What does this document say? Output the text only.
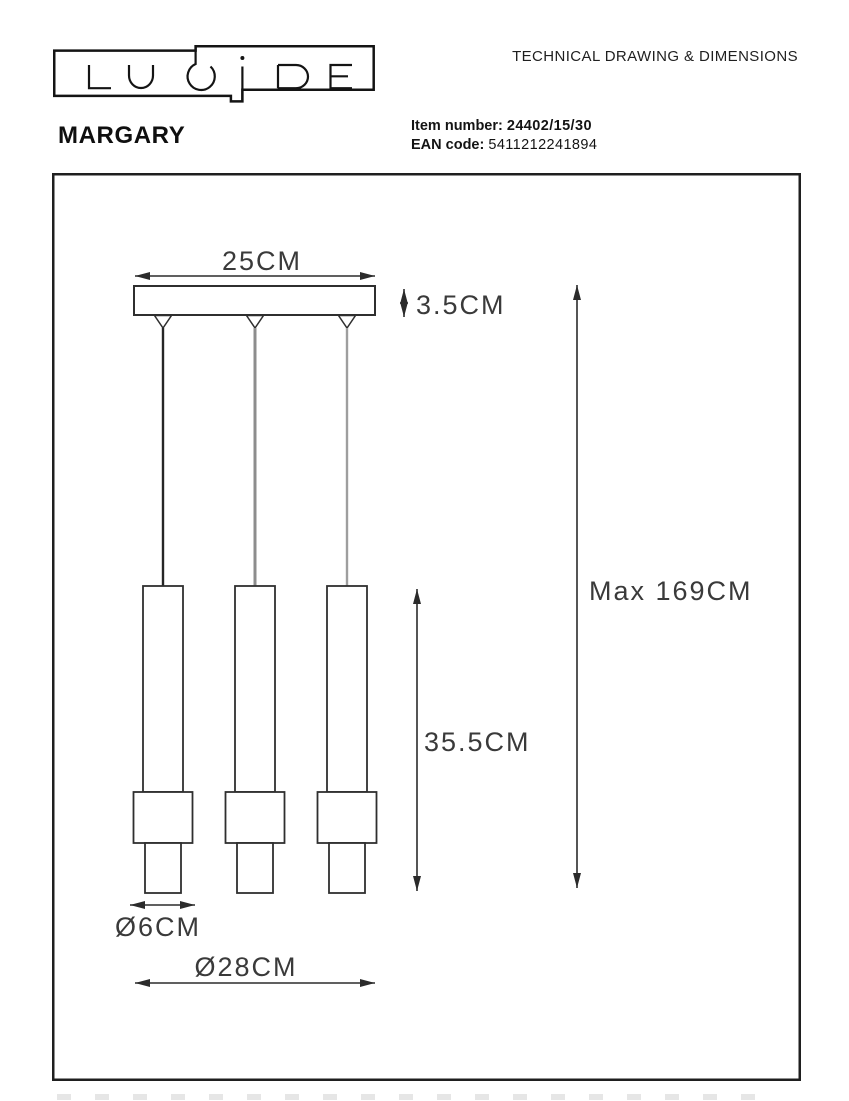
TECHNICAL DRAWING & DIMENSIONS
MARGARY	Item number: 24402/15/30
EAN code: 5411212241894
25CM
3.5CM
Max 169CM
35.5CM
Ø6CM
Ø28CM
